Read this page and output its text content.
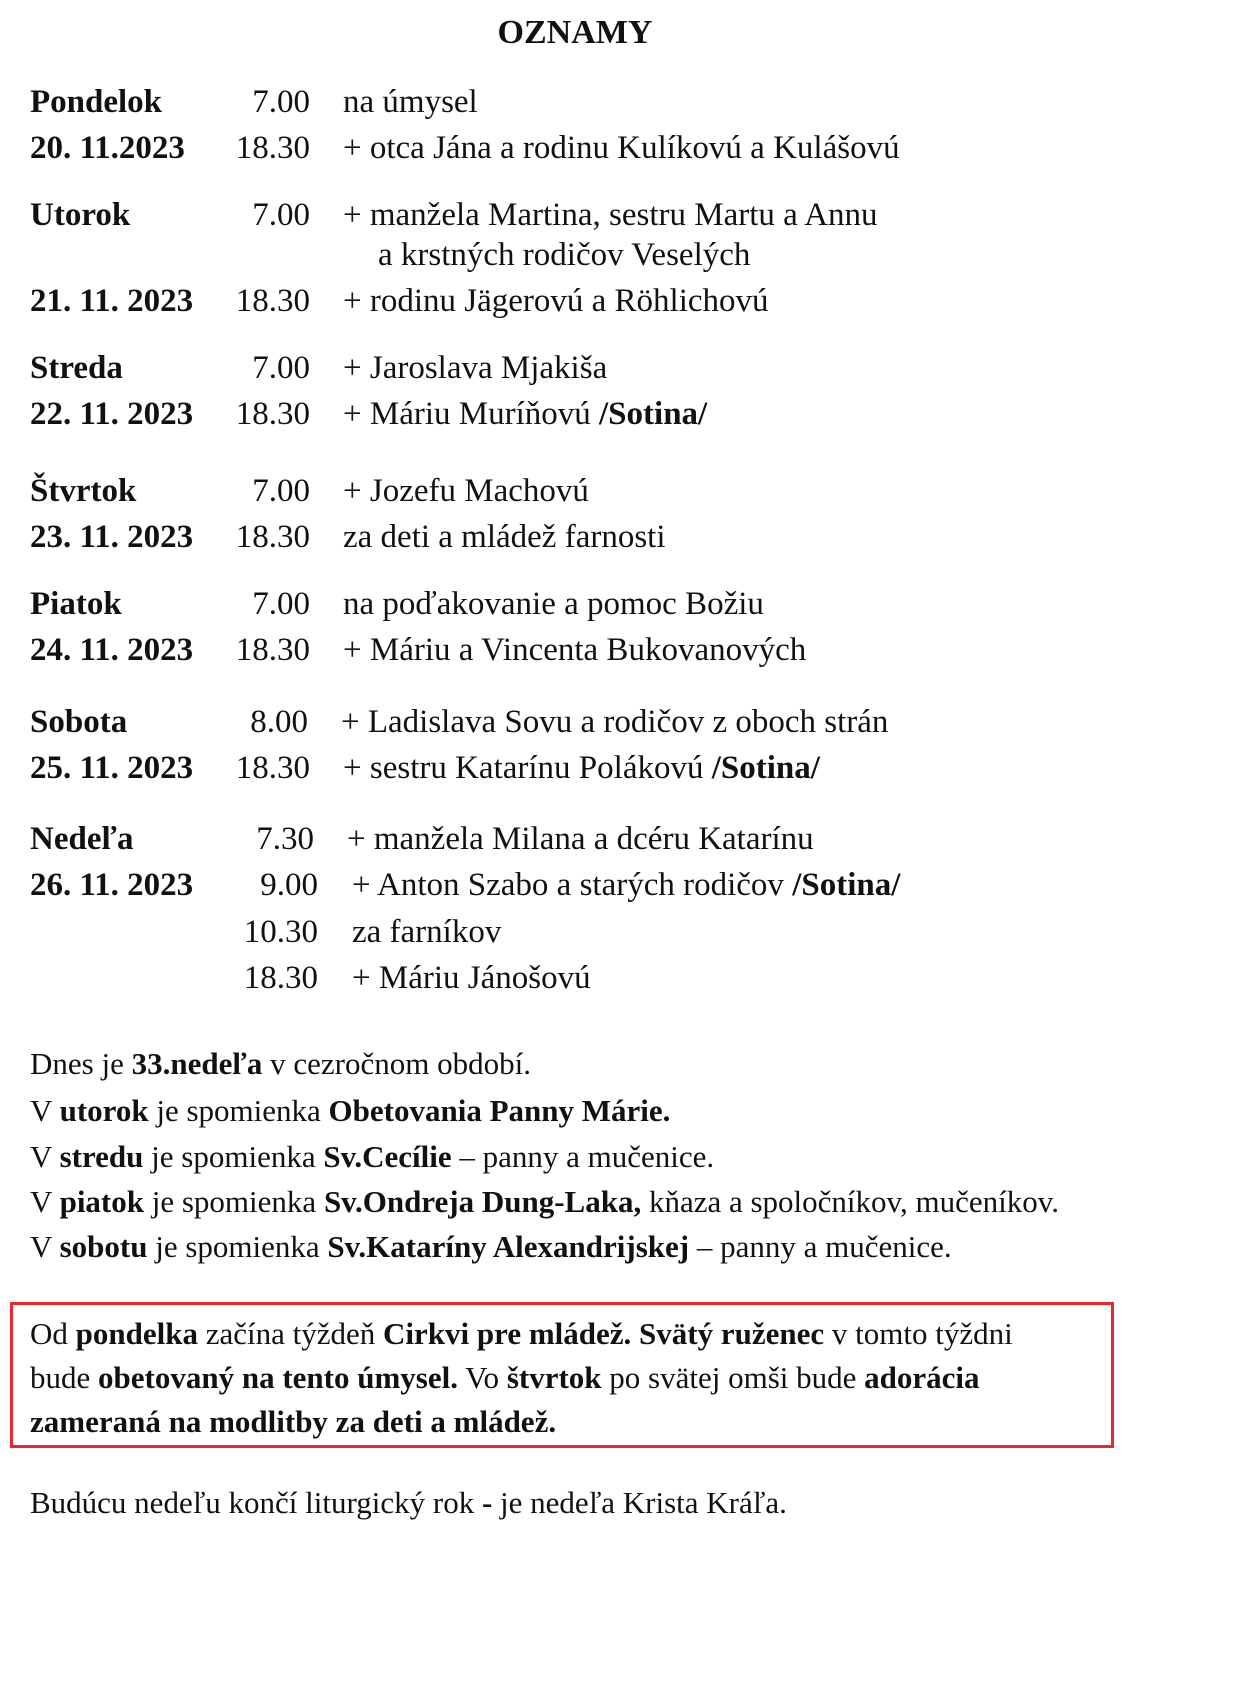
OZNAMY
Pondelok	7.00 na úmysel
20. 11.2023	18.30 + otca Jána a rodinu Kulíkovú a Kulášovú
Utorok	7.00 + manžela Martina, sestru Martu a Annu
a krstných rodičov Veselých
21. 11. 2023	18.30 + rodinu Jägerovú a Röhlichovú
Streda	7.00 + Jaroslava Mjakiša
22. 11. 2023	18.30 + Máriu Muríňovú /Sotina/
Štvrtok	7.00 + Jozefu Machovú
23. 11. 2023	18.30 za deti a mládež farnosti
Piatok	7.00 na poďakovanie a pomoc Božiu
24. 11. 2023	18.30 + Máriu a Vincenta Bukovanových
Sobota	8.00 + Ladislava Sovu a rodičov z oboch strán
25. 11. 2023	18.30 + sestru Katarínu Polákovú /Sotina/
Nedeľa	7.30 + manžela Milana a dcéru Katarínu
26. 11. 2023	9.00 + Anton Szabo a starých rodičov /Sotina/
10.30 za farníkov
18.30 + Máriu Jánošovú
Dnes je 33.nedeľa v cezročnom období.
V utorok je spomienka Obetovania Panny Márie.
V stredu je spomienka Sv.Cecílie – panny a mučenice.
V piatok je spomienka Sv.Ondreja Dung-Laka, kňaza a spoločníkov, mučeníkov.
V sobotu je spomienka Sv.Kataríny Alexandrijskej – panny a mučenice.
Od pondelka začína týždeň Cirkvi pre mládež. Svätý ruženec v tomto týždni
bude obetovaný na tento úmysel. Vo štvrtok po svätej omši bude adorácia
zameraná na modlitby za deti a mládež.
Budúcu nedeľu končí liturgický rok - je nedeľa Krista Kráľa.
